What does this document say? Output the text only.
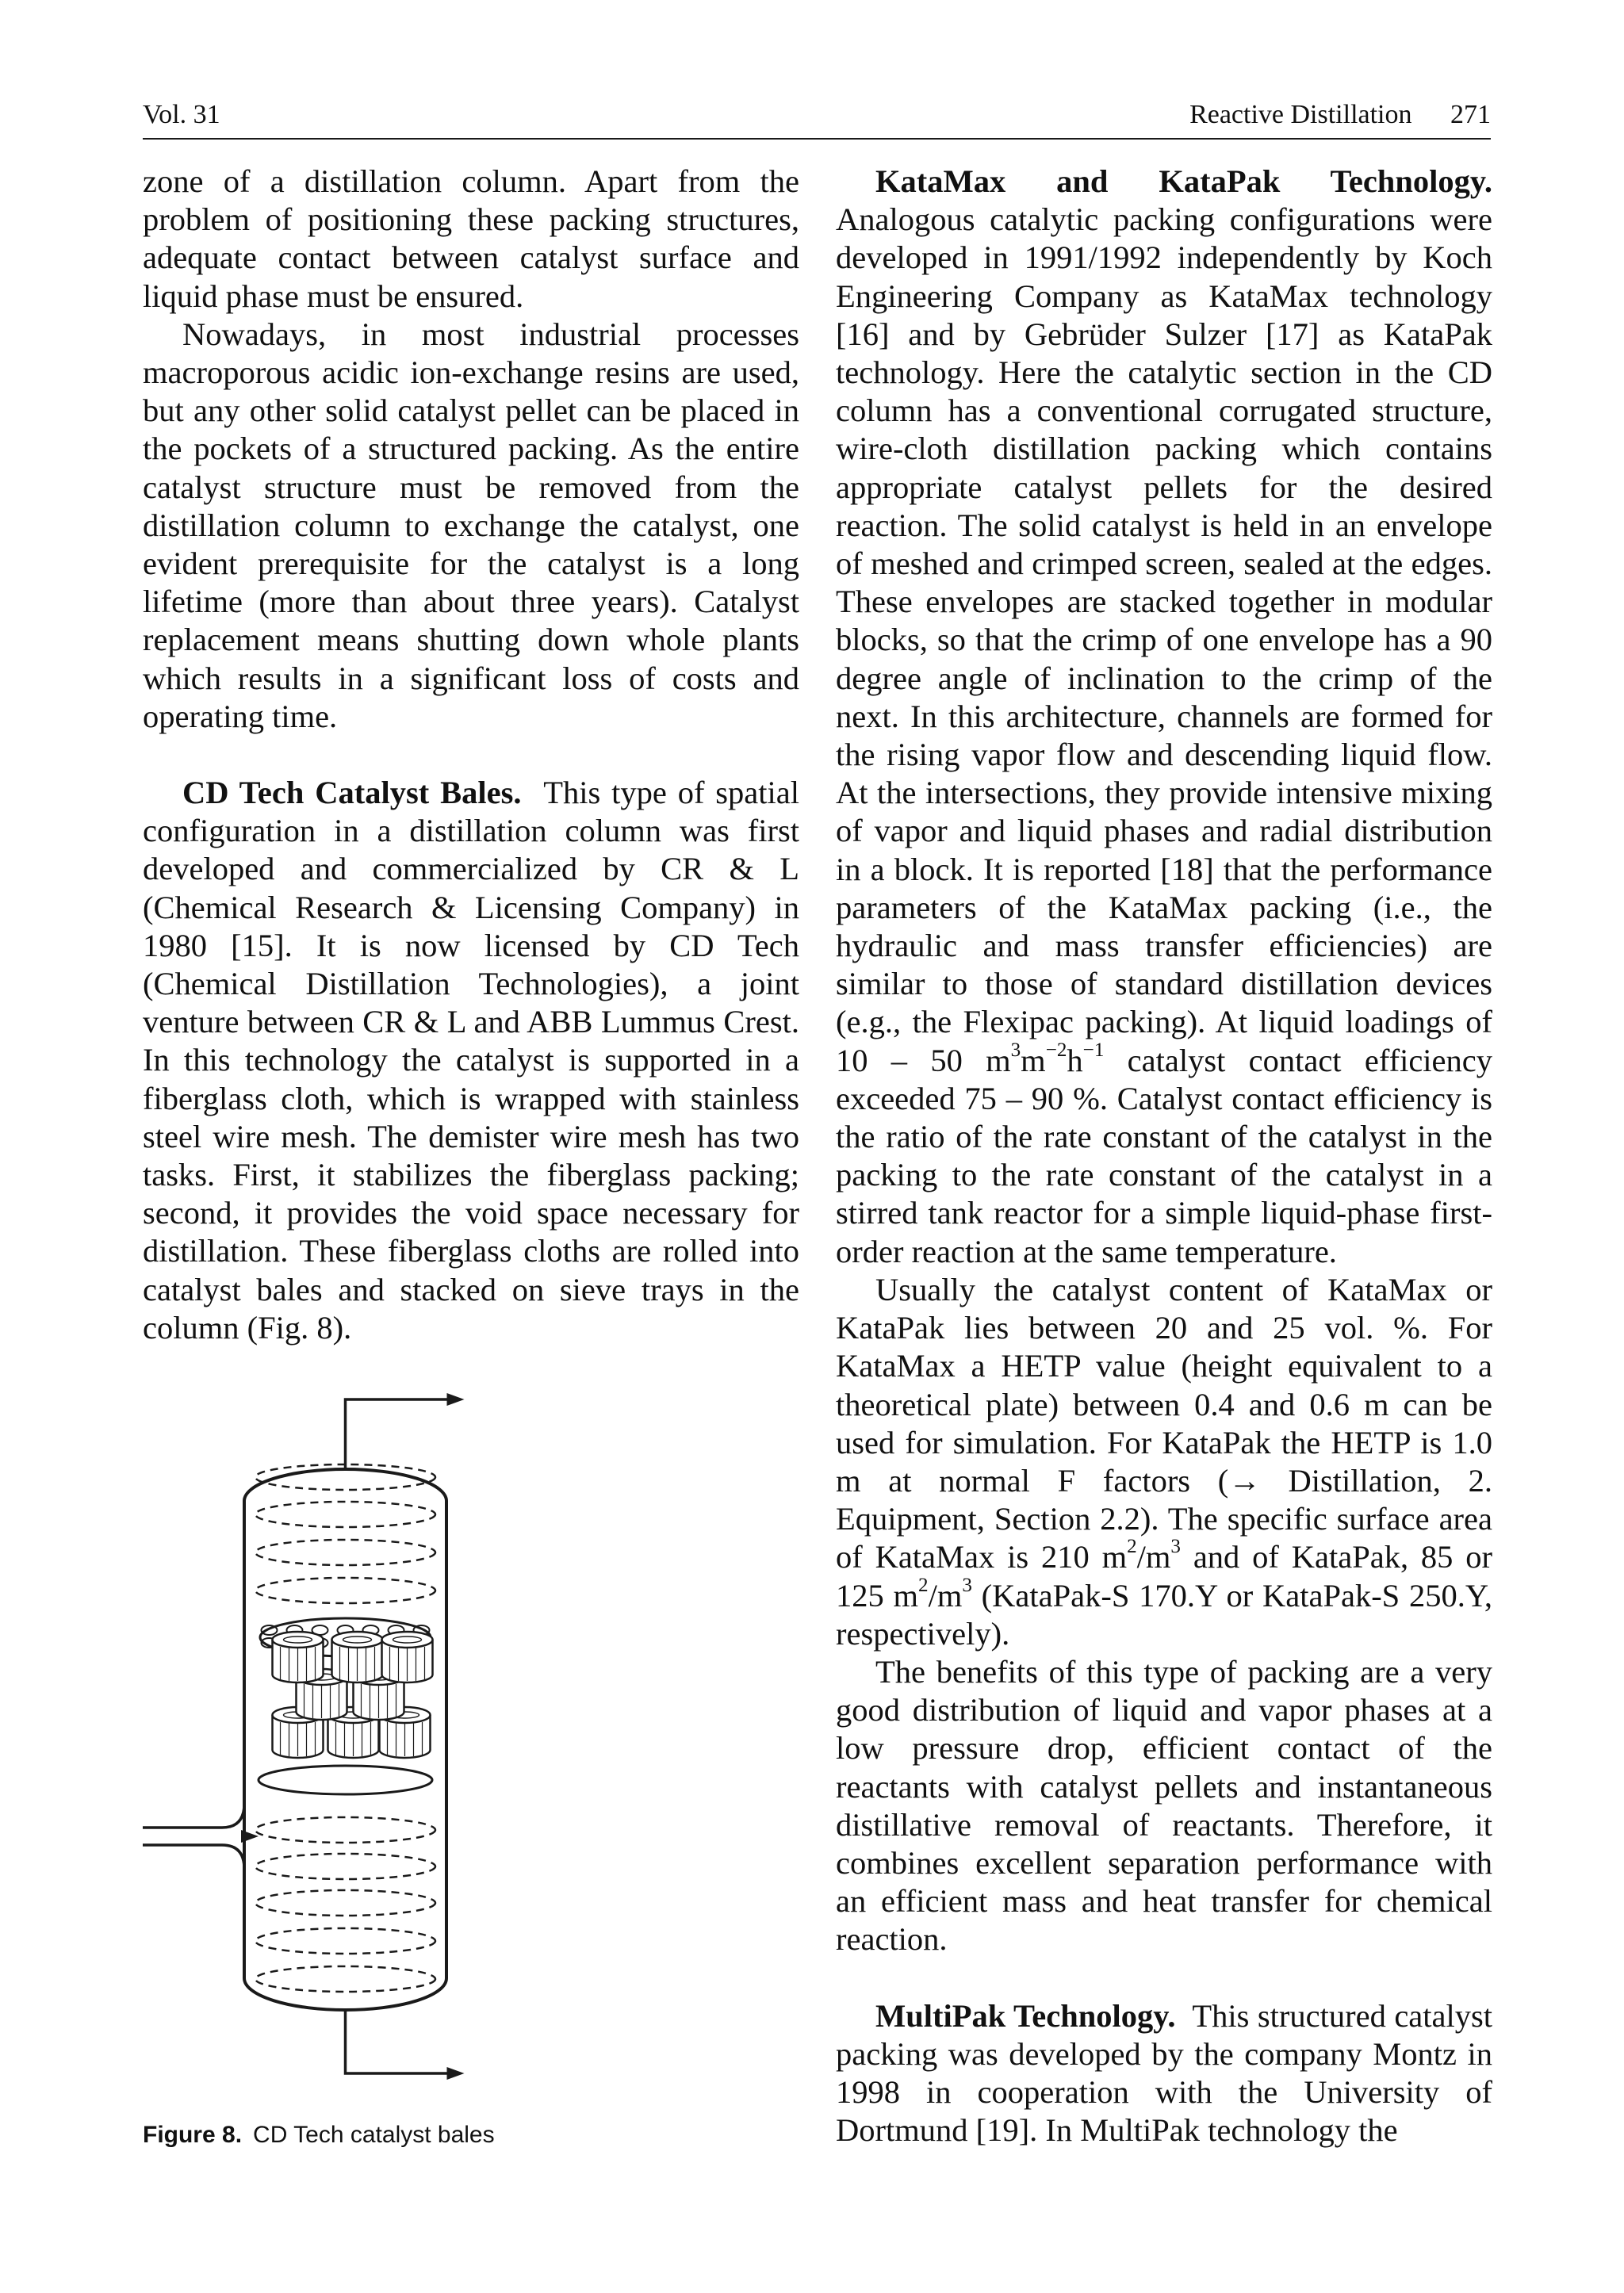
Vol. 31	Reactive Distillation 271

zone of a distillation column. Apart from the problem of positioning these packing structures, adequate contact between catalyst surface and liquid phase must be ensured.

Nowadays, in most industrial processes macroporous acidic ion-exchange resins are used, but any other solid catalyst pellet can be placed in the pockets of a structured packing. As the entire catalyst structure must be removed from the distillation column to exchange the catalyst, one evident prerequisite for the catalyst is a long lifetime (more than about three years). Catalyst replacement means shutting down whole plants which results in a significant loss of costs and operating time.

CD Tech Catalyst Bales. This type of spatial configuration in a distillation column was first developed and commercialized by CR & L (Chemical Research & Licensing Company) in 1980 [15]. It is now licensed by CD Tech (Chemical Distillation Technologies), a joint venture between CR & L and ABB Lummus Crest. In this technology the catalyst is supported in a fiberglass cloth, which is wrapped with stainless steel wire mesh. The demister wire mesh has two tasks. First, it stabilizes the fiberglass packing; second, it provides the void space necessary for distillation. These fiberglass cloths are rolled into catalyst bales and stacked on sieve trays in the column (Fig. 8).

Figure 8. CD Tech catalyst bales

KataMax and KataPak Technology. Analogous catalytic packing configurations were developed in 1991/1992 independently by Koch Engineering Company as KataMax technology [16] and by Gebrüder Sulzer [17] as KataPak technology. Here the catalytic section in the CD column has a conventional corrugated structure, wire-cloth distillation packing which contains appropriate catalyst pellets for the desired reaction. The solid catalyst is held in an envelope of meshed and crimped screen, sealed at the edges. These envelopes are stacked together in modular blocks, so that the crimp of one envelope has a 90 degree angle of inclination to the crimp of the next. In this architecture, channels are formed for the rising vapor flow and descending liquid flow. At the intersections, they provide intensive mixing of vapor and liquid phases and radial distribution in a block. It is reported [18] that the performance parameters of the KataMax packing (i.e., the hydraulic and mass transfer efficiencies) are similar to those of standard distillation devices (e.g., the Flexipac packing). At liquid loadings of 10 – 50 $m^3m^{-2}h^{-1}$ catalyst contact efficiency exceeded 75 – 90 %. Catalyst contact efficiency is the ratio of the rate constant of the catalyst in the packing to the rate constant of the catalyst in a stirred tank reactor for a simple liquid-phase first-order reaction at the same temperature.

Usually the catalyst content of KataMax or KataPak lies between 20 and 25 vol. %. For KataMax a HETP value (height equivalent to a theoretical plate) between 0.4 and 0.6 m can be used for simulation. For KataPak the HETP is 1.0 m at normal F factors (→ Distillation, 2. Equipment, Section 2.2). The specific surface area of KataMax is 210 $m^2/m^3$ and of KataPak, 85 or 125 $m^2/m^3$ (KataPak-S 170.Y or KataPak-S 250.Y, respectively).

The benefits of this type of packing are a very good distribution of liquid and vapor phases at a low pressure drop, efficient contact of the reactants with catalyst pellets and instantaneous distillative removal of reactants. Therefore, it combines excellent separation performance with an efficient mass and heat transfer for chemical reaction.

MultiPak Technology. This structured catalyst packing was developed by the company Montz in 1998 in cooperation with the University of Dortmund [19]. In MultiPak technology the
